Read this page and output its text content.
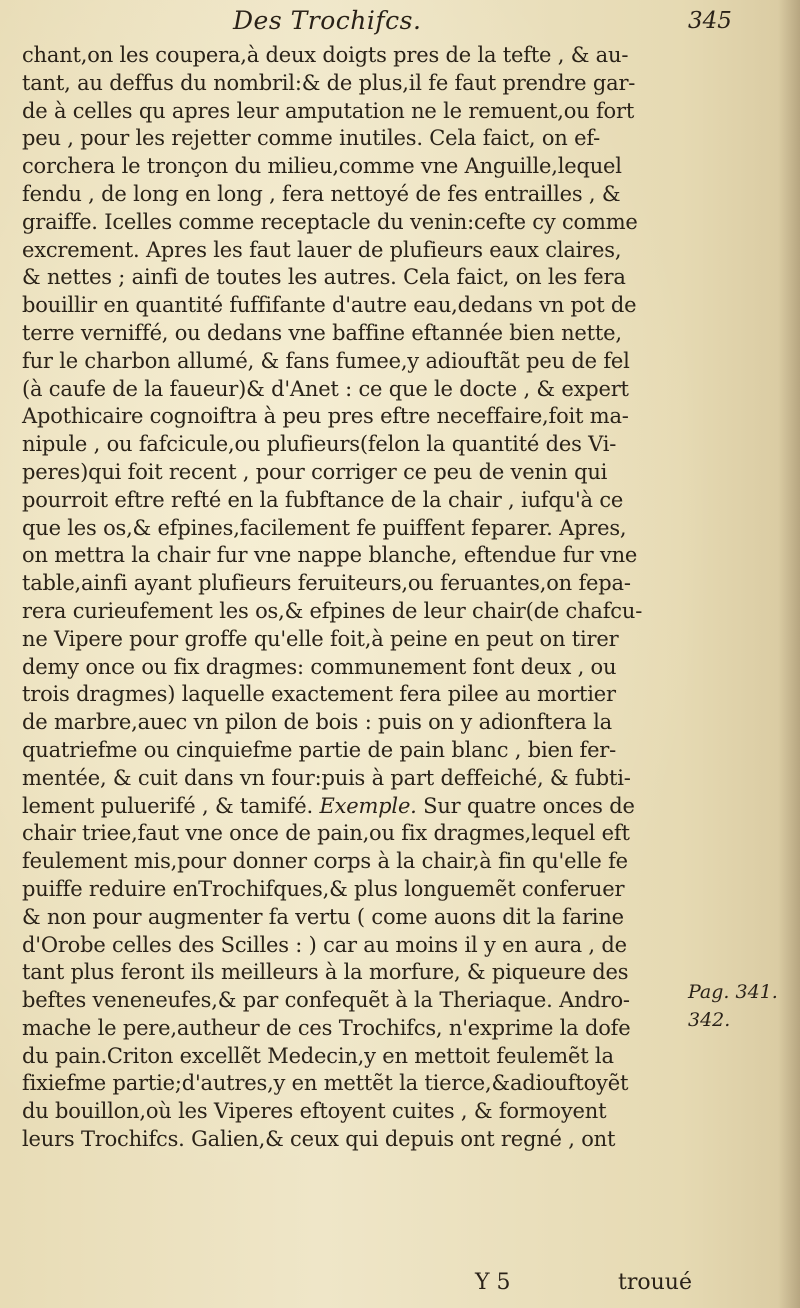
Des Trochifcs.	345
chant,on les coupera,à deux doigts pres de la tefte , & au-
tant, au deffus du nombril:& de plus,il fe faut prendre gar-
de à celles qu apres leur amputation ne le remuent,ou fort
peu , pour les rejetter comme inutiles. Cela faict, on ef-
corchera le tronçon du milieu,comme vne Anguille,lequel
fendu , de long en long , fera nettoyé de fes entrailles , &
graiffe. Icelles comme receptacle du venin:cefte cy comme
excrement. Apres les faut lauer de plufieurs eaux claires,
& nettes ; ainfi de toutes les autres. Cela faict, on les fera
bouillir en quantité fuffifante d'autre eau,dedans vn pot de
terre verniffé, ou dedans vne baffine eftannée bien nette,
fur le charbon allumé, & fans fumee,y adiouftãt peu de fel
(à caufe de la faueur)& d'Anet : ce que le docte , & expert
Apothicaire cognoiftra à peu pres eftre neceffaire,foit ma-
nipule , ou fafcicule,ou plufieurs(felon la quantité des Vi-
peres)qui foit recent , pour corriger ce peu de venin qui
pourroit eftre refté en la fubftance de la chair , iufqu'à ce
que les os,& efpines,facilement fe puiffent feparer. Apres,
on mettra la chair fur vne nappe blanche, eftendue fur vne
table,ainfi ayant plufieurs feruiteurs,ou feruantes,on fepa-
rera curieufement les os,& efpines de leur chair(de chafcu-
ne Vipere pour groffe qu'elle foit,à peine en peut on tirer
demy once ou fix dragmes: communement font deux , ou
trois dragmes) laquelle exactement fera pilee au mortier
de marbre,auec vn pilon de bois : puis on y adionftera la
quatriefme ou cinquiefme partie de pain blanc , bien fer-
mentée, & cuit dans vn four:puis à part deffeiché, & fubti-
lement puluerifé , & tamifé. Exemple. Sur quatre onces de
chair triee,faut vne once de pain,ou fix dragmes,lequel eft
feulement mis,pour donner corps à la chair,à fin qu'elle fe
puiffe reduire enTrochifques,& plus longuemẽt conferuer
& non pour augmenter fa vertu ( come auons dit la farine
d'Orobe celles des Scilles : ) car au moins il y en aura , de
tant plus feront ils meilleurs à la morfure, & piqueure des
beftes veneneufes,& par confequẽt à la Theriaque. Andro-
mache le pere,autheur de ces Trochifcs, n'exprime la dofe
du pain.Criton excellẽt Medecin,y en mettoit feulemẽt la
fixiefme partie;d'autres,y en mettẽt la tierce,&adiouftoyẽt
du bouillon,où les Viperes eftoyent cuites , & formoyent
leurs Trochifcs. Galien,& ceux qui depuis ont regné , ont
Pag. 341.
342.
Y 5	trouué
